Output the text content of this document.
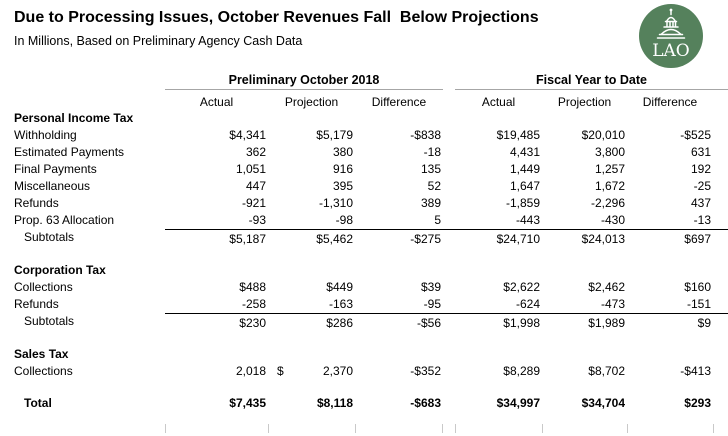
Due to Processing Issues, October Revenues Fall  Below Projections
In Millions, Based on Preliminary Agency Cash Data	LAO
Preliminary October 2018	Fiscal Year to Date
Actual	Projection	Difference	Actual	Projection	Difference
Personal Income Tax
Withholding	$4,341	$5,179	-$838	$19,485	$20,010	-$525
Estimated Payments	362	380	-18	4,431	3,800	631
Final Payments	1,051	916	135	1,449	1,257	192
Miscellaneous	447	395	52	1,647	1,672	-25
Refunds	-921	-1,310	389	-1,859	-2,296	437
Prop. 63 Allocation	-93	-98	5	-443	-430	-13
Subtotals	$5,187	$5,462	-$275	$24,710	$24,013	$697
Corporation Tax
Collections	$488	$449	$39	$2,622	$2,462	$160
Refunds	-258	-163	-95	-624	-473	-151
Subtotals	$230	$286	-$56	$1,998	$1,989	$9
Sales Tax
Collections	2,018 $	2,370	-$352	$8,289	$8,702	-$413
Total	$7,435	$8,118	-$683	$34,997	$34,704	$293
